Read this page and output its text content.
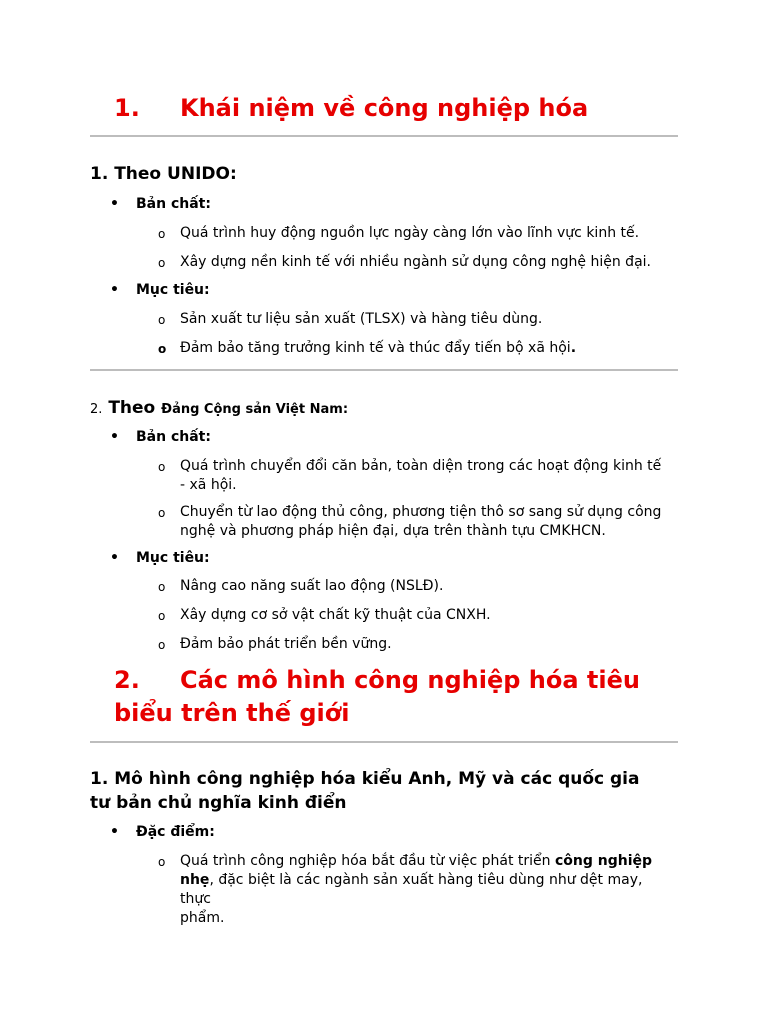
1. Khái niệm về công nghiệp hóa
1. Theo UNIDO:
• Bản chất:
o Quá trình huy động nguồn lực ngày càng lớn vào lĩnh vực kinh tế.
o Xây dựng nền kinh tế với nhiều ngành sử dụng công nghệ hiện đại.
• Mục tiêu:
o Sản xuất tư liệu sản xuất (TLSX) và hàng tiêu dùng.
o Đảm bảo tăng trưởng kinh tế và thúc đẩy tiến bộ xã hội.
2. Theo Đảng Cộng sản Việt Nam:
• Bản chất:
o Quá trình chuyển đổi căn bản, toàn diện trong các hoạt động kinh tế - xã hội.
o Chuyển từ lao động thủ công, phương tiện thô sơ sang sử dụng công nghệ và phương pháp hiện đại, dựa trên thành tựu CMKHCN.
• Mục tiêu:
o Nâng cao năng suất lao động (NSLĐ).
o Xây dựng cơ sở vật chất kỹ thuật của CNXH.
o Đảm bảo phát triển bền vững.
2. Các mô hình công nghiệp hóa tiêu
biểu trên thế giới
1. Mô hình công nghiệp hóa kiểu Anh, Mỹ và các quốc gia
tư bản chủ nghĩa kinh điển
• Đặc điểm:
o Quá trình công nghiệp hóa bắt đầu từ việc phát triển công nghiệp
nhẹ, đặc biệt là các ngành sản xuất hàng tiêu dùng như dệt may, thực
phẩm.
